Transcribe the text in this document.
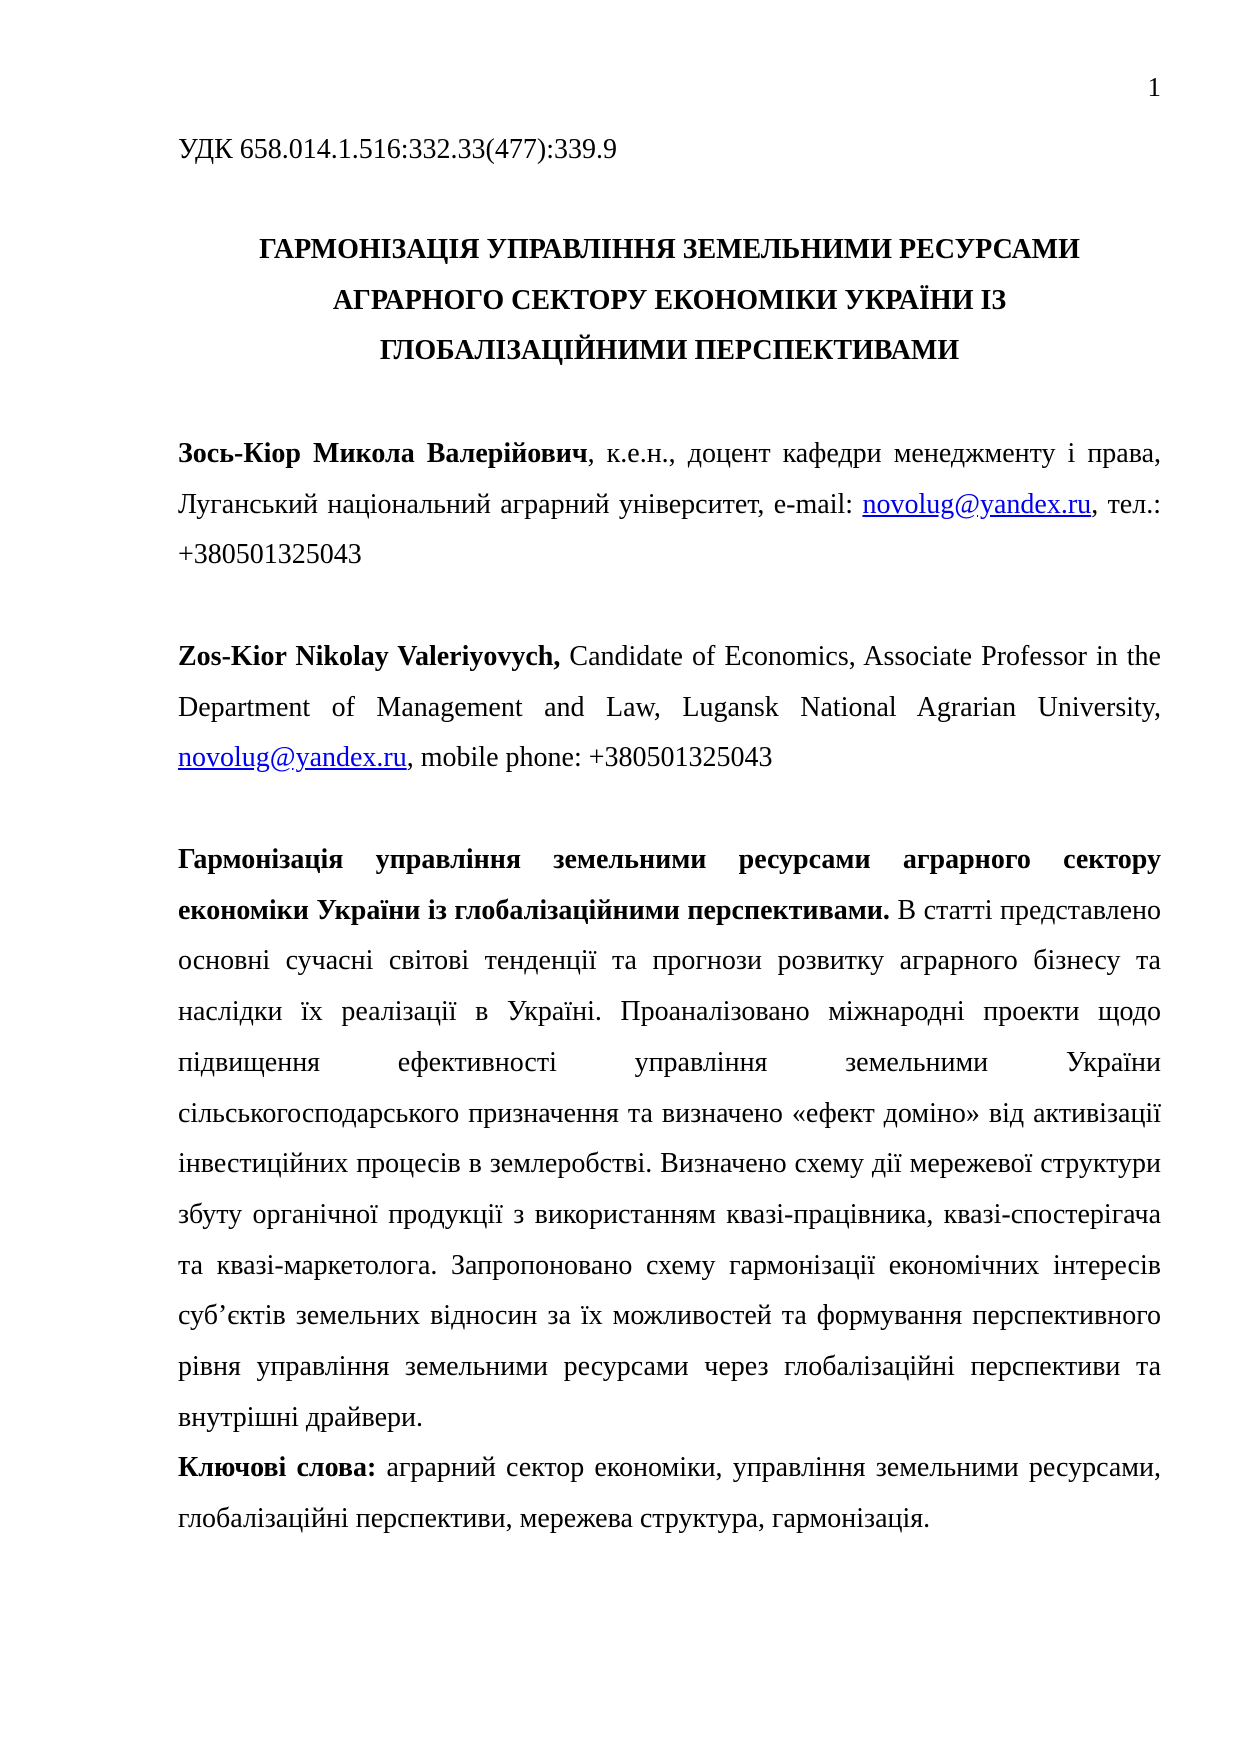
1
УДК 658.014.1.516:332.33(477):339.9
ГАРМОНІЗАЦІЯ УПРАВЛІННЯ ЗЕМЕЛЬНИМИ РЕСУРСАМИ
АГРАРНОГО СЕКТОРУ ЕКОНОМІКИ УКРАЇНИ ІЗ
ГЛОБАЛІЗАЦІЙНИМИ ПЕРСПЕКТИВАМИ
Зось-Кіор Микола Валерійович, к.е.н., доцент кафедри менеджменту і права, Луганський національний аграрний університет, e-mail: novolug@yandex.ru, тел.: +380501325043
Zos-Kior Nikolay Valeriyovych, Candidate of Economics, Associate Professor in the Department of Management and Law, Lugansk National Agrarian University, novolug@yandex.ru, mobile phone: +380501325043
Гармонізація управління земельними ресурсами аграрного сектору економіки України із глобалізаційними перспективами. В статті представлено основні сучасні світові тенденції та прогнози розвитку аграрного бізнесу та наслідки їх реалізації в Україні. Проаналізовано міжнародні проекти щодо підвищення ефективності управління земельними України сільськогосподарського призначення та визначено «ефект доміно» від активізації інвестиційних процесів в землеробстві. Визначено схему дії мережевої структури збуту органічної продукції з використанням квазі-працівника, квазі-спостерігача та квазі-маркетолога. Запропоновано схему гармонізації економічних інтересів суб’єктів земельних відносин за їх можливостей та формування перспективного рівня управління земельними ресурсами через глобалізаційні перспективи та внутрішні драйвери.
Ключові слова: аграрний сектор економіки, управління земельними ресурсами, глобалізаційні перспективи, мережева структура, гармонізація.
